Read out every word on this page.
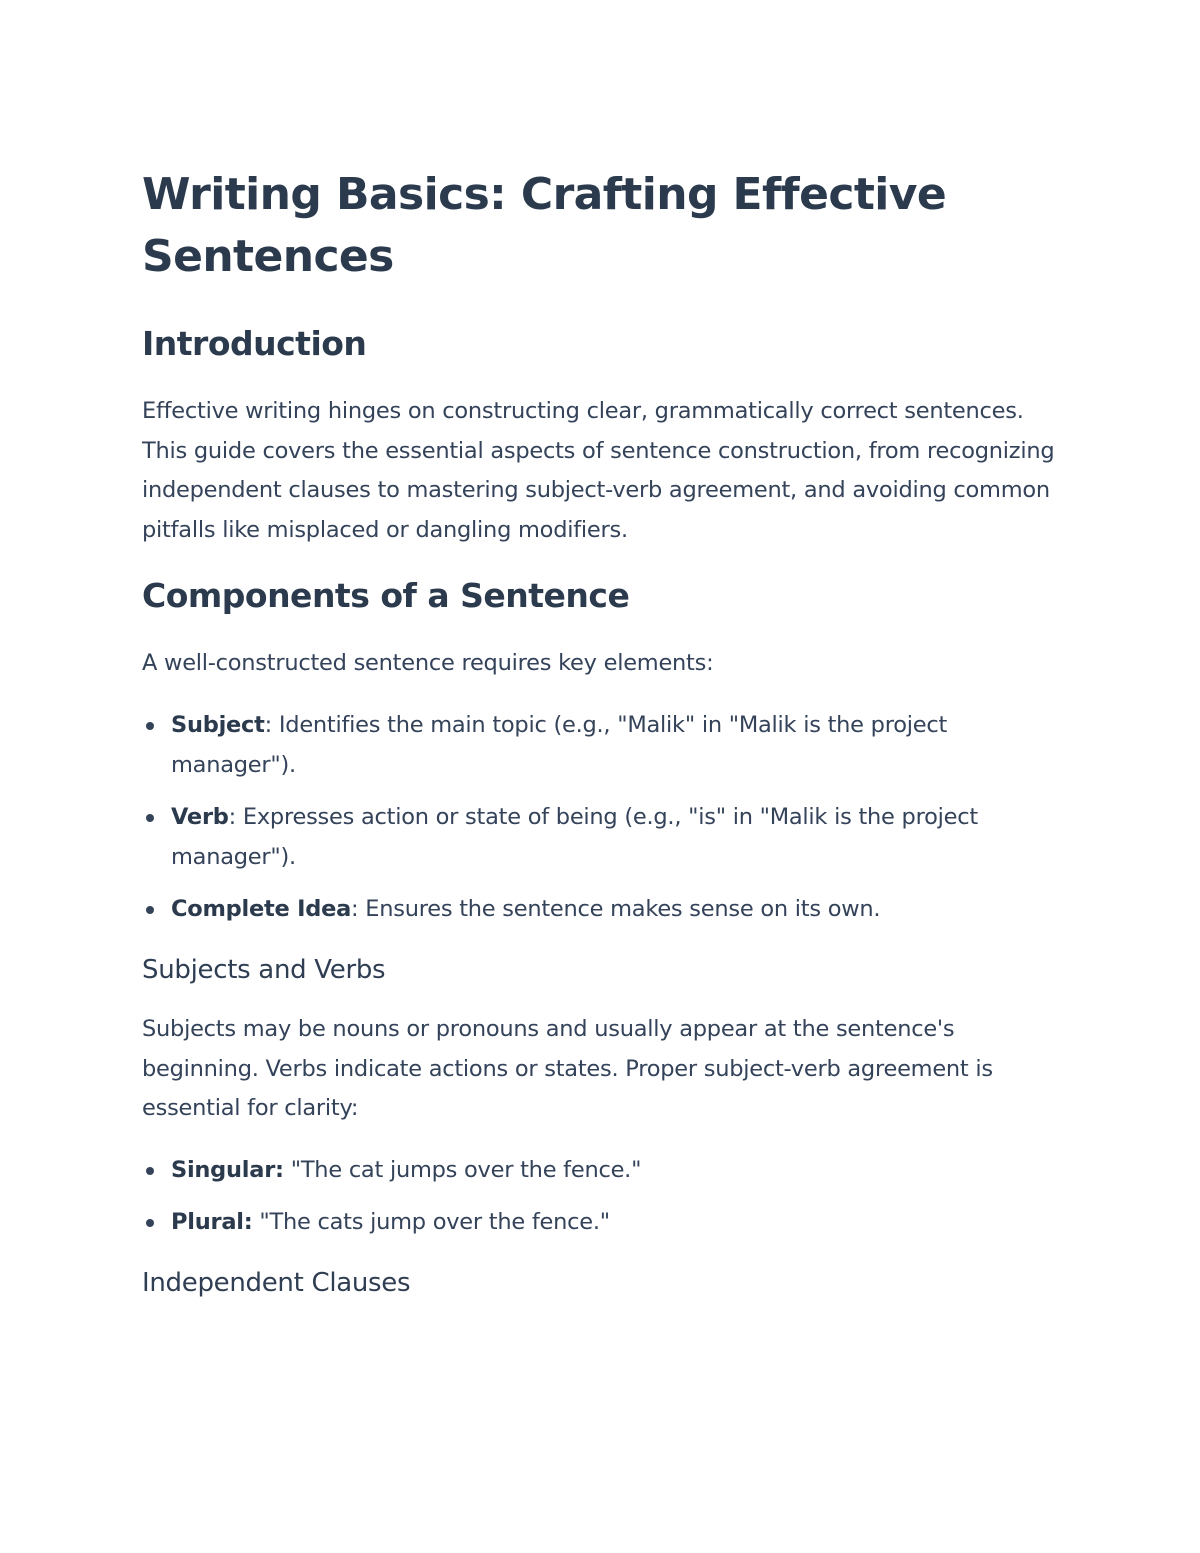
Writing Basics: Crafting Effective Sentences
Introduction

Effective writing hinges on constructing clear, grammatically correct sentences. This guide covers the essential aspects of sentence construction, from recognizing independent clauses to mastering subject-verb agreement, and avoiding common pitfalls like misplaced or dangling modifiers.

Components of a Sentence

A well-constructed sentence requires key elements:

Subject: Identifies the main topic (e.g., "Malik" in "Malik is the project manager").
Verb: Expresses action or state of being (e.g., "is" in "Malik is the project manager").
Complete Idea: Ensures the sentence makes sense on its own.
Subjects and Verbs

Subjects may be nouns or pronouns and usually appear at the sentence's beginning. Verbs indicate actions or states. Proper subject-verb agreement is essential for clarity:

Singular: "The cat jumps over the fence."
Plural: "The cats jump over the fence."
Independent Clauses
